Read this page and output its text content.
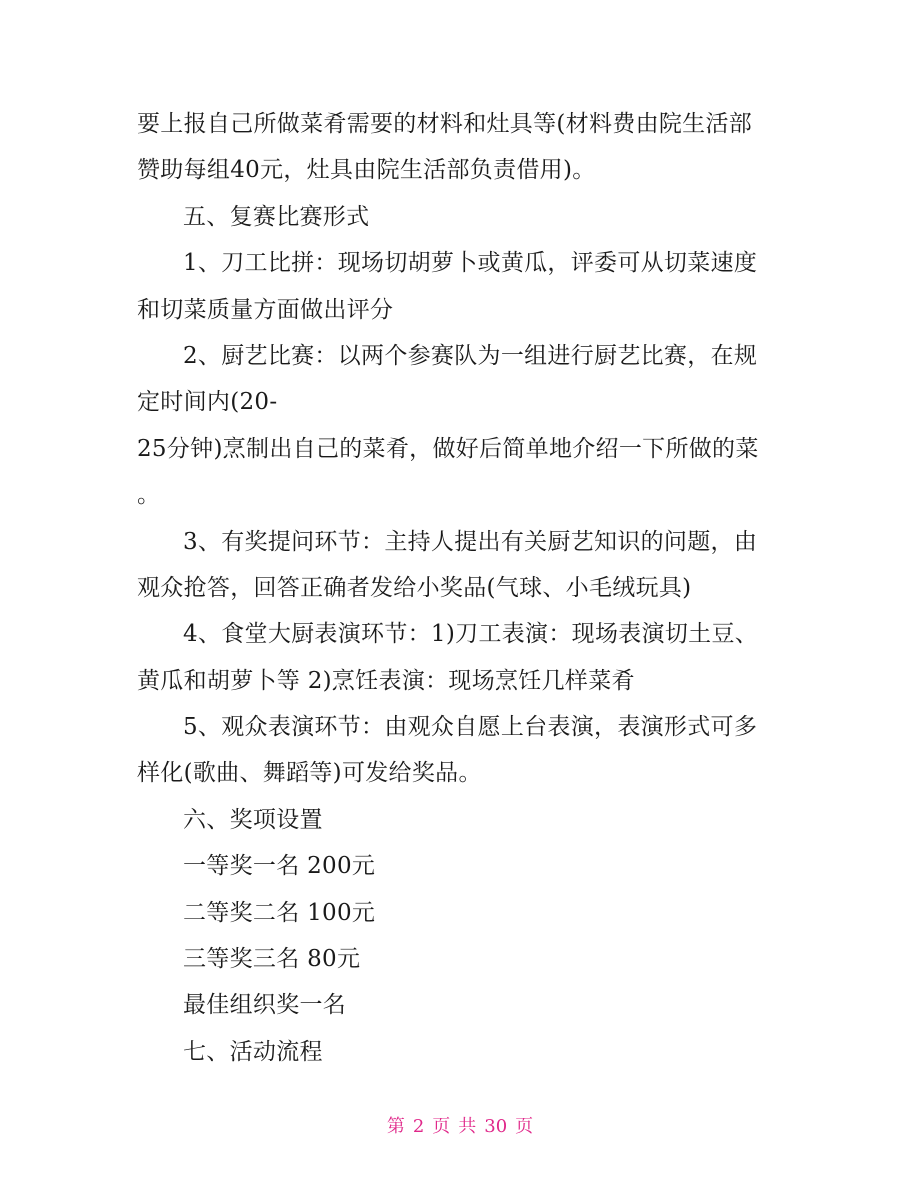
要上报自己所做菜肴需要的材料和灶具等(材料费由院生活部
赞助每组40元，灶具由院生活部负责借用)。
五、复赛比赛形式
1、刀工比拼：现场切胡萝卜或黄瓜，评委可从切菜速度
和切菜质量方面做出评分
2、厨艺比赛：以两个参赛队为一组进行厨艺比赛，在规
定时间内(20-
25分钟)烹制出自己的菜肴，做好后简单地介绍一下所做的菜
。
3、有奖提问环节：主持人提出有关厨艺知识的问题，由
观众抢答，回答正确者发给小奖品(气球、小毛绒玩具)
4、食堂大厨表演环节：1)刀工表演：现场表演切土豆、
黄瓜和胡萝卜等 2)烹饪表演：现场烹饪几样菜肴
5、观众表演环节：由观众自愿上台表演，表演形式可多
样化(歌曲、舞蹈等)可发给奖品。
六、奖项设置
一等奖一名 200元
二等奖二名 100元
三等奖三名 80元
最佳组织奖一名
七、活动流程
第 2 页 共 30 页
